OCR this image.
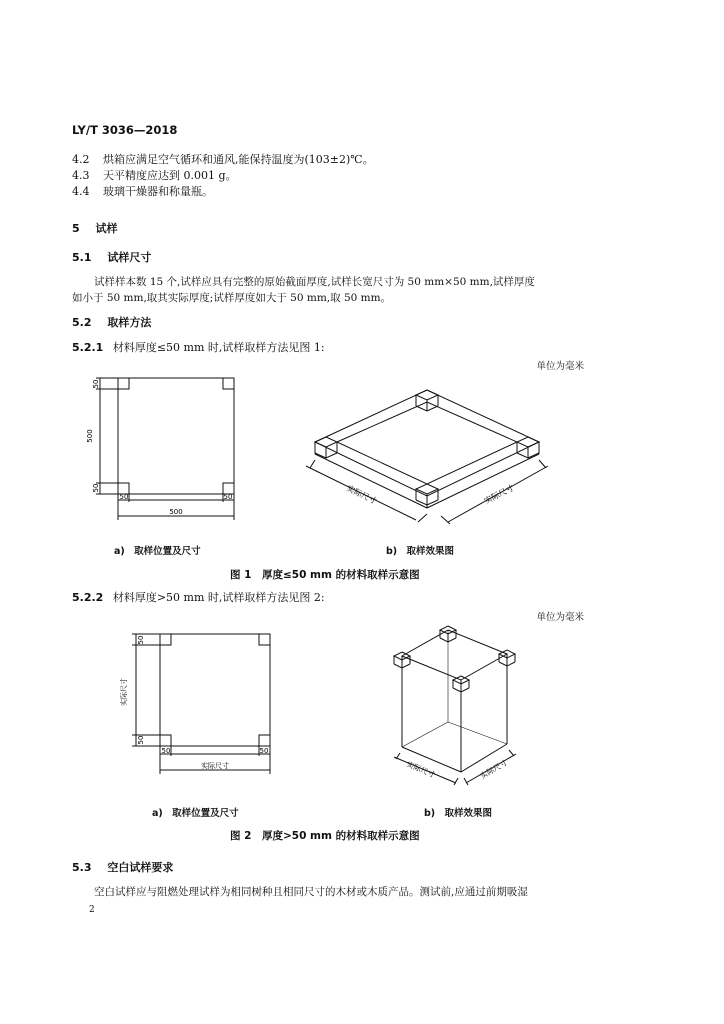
LY/T 3036—2018
4.2 烘箱应满足空气循环和通风,能保持温度为(103±2)℃。
4.3 天平精度应达到 0.001 g。
4.4 玻璃干燥器和称量瓶。
5 试样
5.1 试样尺寸
试样样本数 15 个,试样应具有完整的原始截面厚度,试样长宽尺寸为 50 mm×50 mm,试样厚度
如小于 50 mm,取其实际厚度;试样厚度如大于 50 mm,取 50 mm。
5.2 取样方法
5.2.1 材料厚度≤50 mm 时,试样取样方法见图 1:
单位为毫米
50
500
50
50	50
500
实际尺寸	实际尺寸
a) 取样位置及尺寸	b) 取样效果图
图 1　厚度≤50 mm 的材料取样示意图
5.2.2 材料厚度>50 mm 时,试样取样方法见图 2:
单位为毫米
50
实际尺寸
50
50	50
实际尺寸	实际尺寸	实际尺寸
a) 取样位置及尺寸	b) 取样效果图
图 2　厚度>50 mm 的材料取样示意图
5.3 空白试样要求
空白试样应与阻燃处理试样为相同树种且相同尺寸的木材或木质产品。测试前,应通过前期吸湿
2
